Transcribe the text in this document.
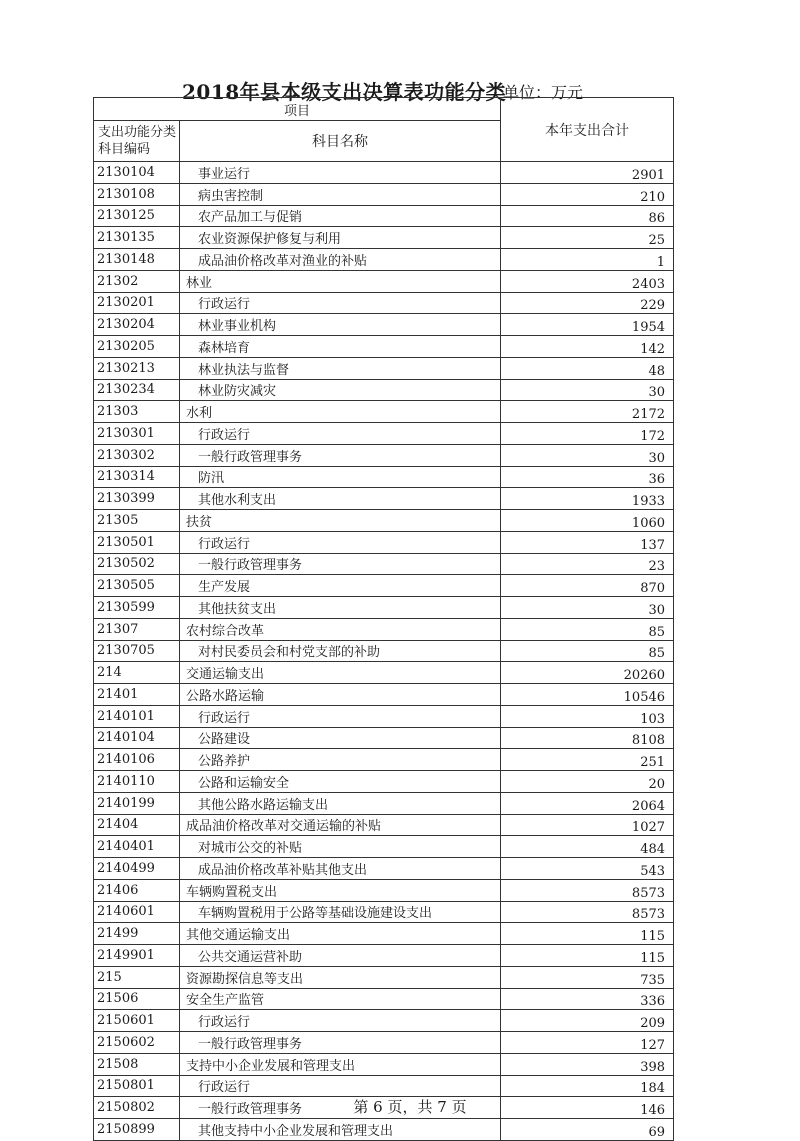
2018年县本级支出决算表功能分类
单位：万元
项目		本年支出合计
支出功能分类科目编码	科目名称	
2130104	事业运行	2901
2130108	病虫害控制	210
2130125	农产品加工与促销	86
2130135	农业资源保护修复与利用	25
2130148	成品油价格改革对渔业的补贴	1
21302	林业	2403
2130201	行政运行	229
2130204	林业事业机构	1954
2130205	森林培育	142
2130213	林业执法与监督	48
2130234	林业防灾减灾	30
21303	水利	2172
2130301	行政运行	172
2130302	一般行政管理事务	30
2130314	防汛	36
2130399	其他水利支出	1933
21305	扶贫	1060
2130501	行政运行	137
2130502	一般行政管理事务	23
2130505	生产发展	870
2130599	其他扶贫支出	30
21307	农村综合改革	85
2130705	对村民委员会和村党支部的补助	85
214	交通运输支出	20260
21401	公路水路运输	10546
2140101	行政运行	103
2140104	公路建设	8108
2140106	公路养护	251
2140110	公路和运输安全	20
2140199	其他公路水路运输支出	2064
21404	成品油价格改革对交通运输的补贴	1027
2140401	对城市公交的补贴	484
2140499	成品油价格改革补贴其他支出	543
21406	车辆购置税支出	8573
2140601	车辆购置税用于公路等基础设施建设支出	8573
21499	其他交通运输支出	115
2149901	公共交通运营补助	115
215	资源勘探信息等支出	735
21506	安全生产监管	336
2150601	行政运行	209
2150602	一般行政管理事务	127
21508	支持中小企业发展和管理支出	398
2150801	行政运行	184
2150802	一般行政管理事务	146
2150899	其他支持中小企业发展和管理支出	69
第 6 页，共 7 页
